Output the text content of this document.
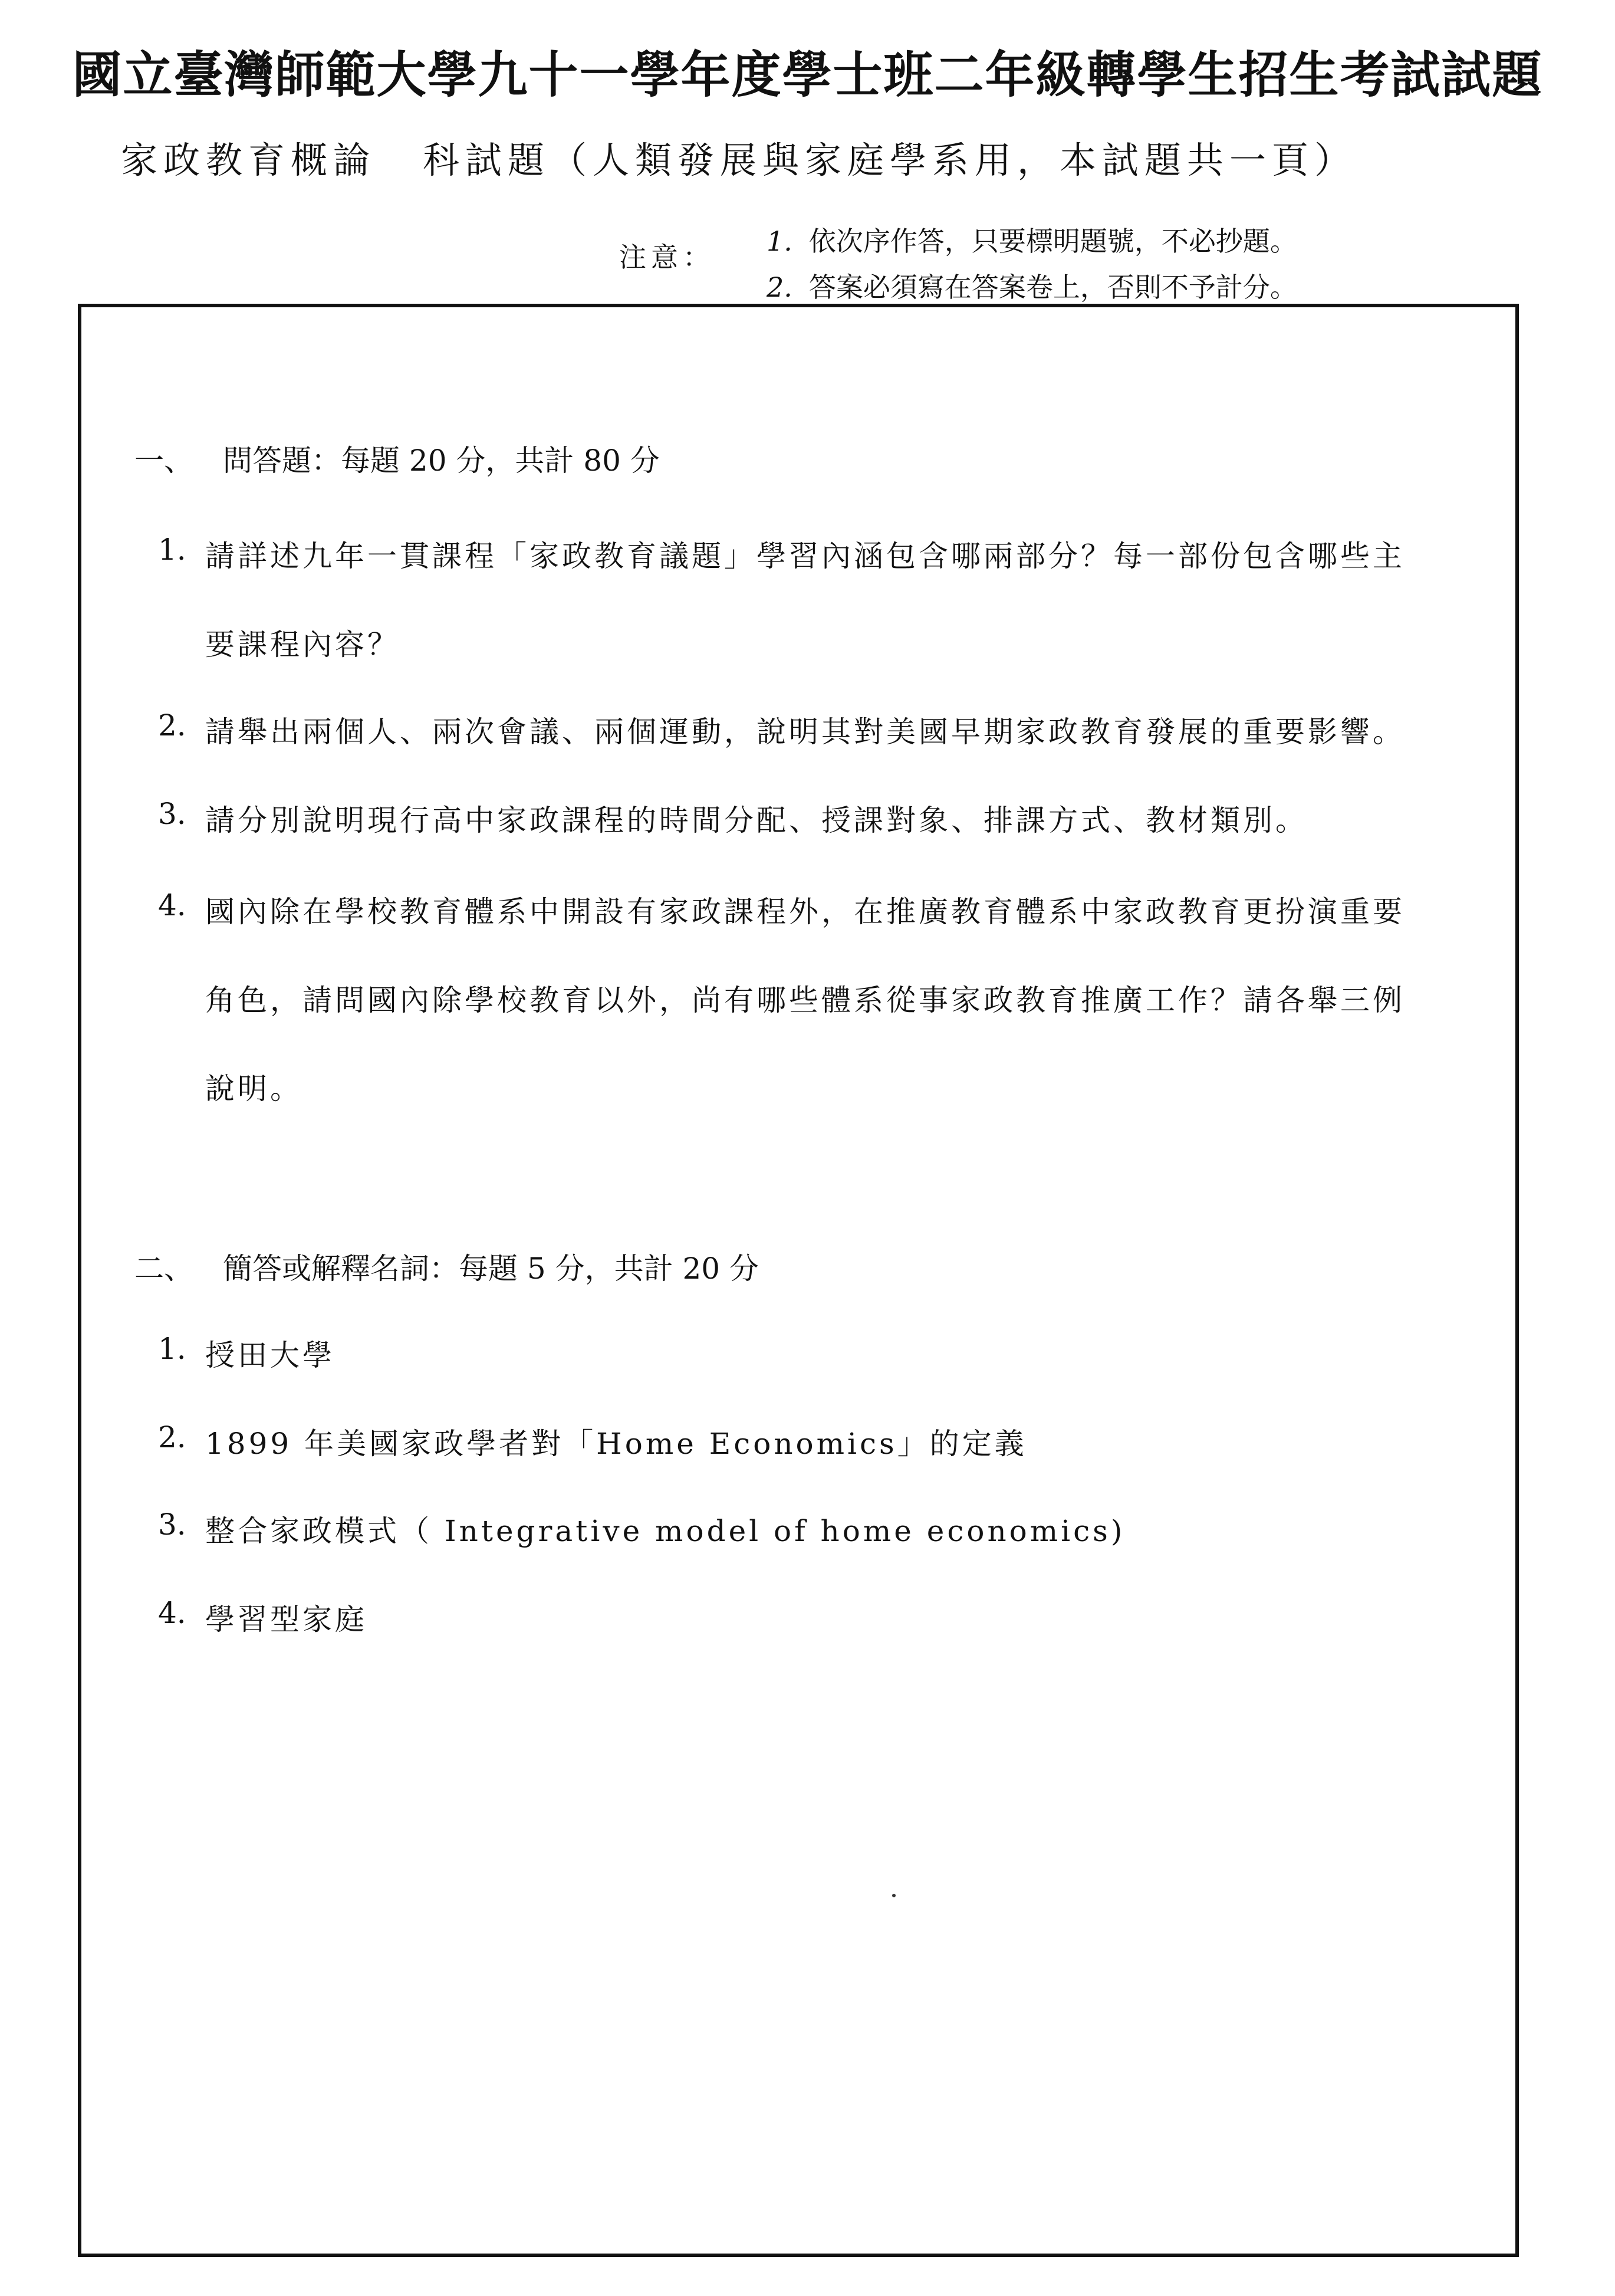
國立臺灣師範大學九十一學年度學士班二年級轉學生招生考試試題
家政教育概論 科試題（人類發展與家庭學系用，本試題共一頁）
注意： 1. 依次序作答，只要標明題號，不必抄題。
2. 答案必須寫在答案卷上，否則不予計分。
一、 問答題：每題 20 分，共計 80 分
1. 請詳述九年一貫課程「家政教育議題」學習內涵包含哪兩部分？每一部份包含哪些主
要課程內容？
2. 請舉出兩個人、兩次會議、兩個運動，說明其對美國早期家政教育發展的重要影響。
3. 請分別說明現行高中家政課程的時間分配、授課對象、排課方式、教材類別。
4. 國內除在學校教育體系中開設有家政課程外，在推廣教育體系中家政教育更扮演重要
角色，請問國內除學校教育以外，尚有哪些體系從事家政教育推廣工作？請各舉三例
說明。
二、 簡答或解釋名詞：每題 5 分，共計 20 分
1. 授田大學
2. 1899 年美國家政學者對「Home Economics」的定義
3. 整合家政模式（ Integrative model of home economics)
4. 學習型家庭
